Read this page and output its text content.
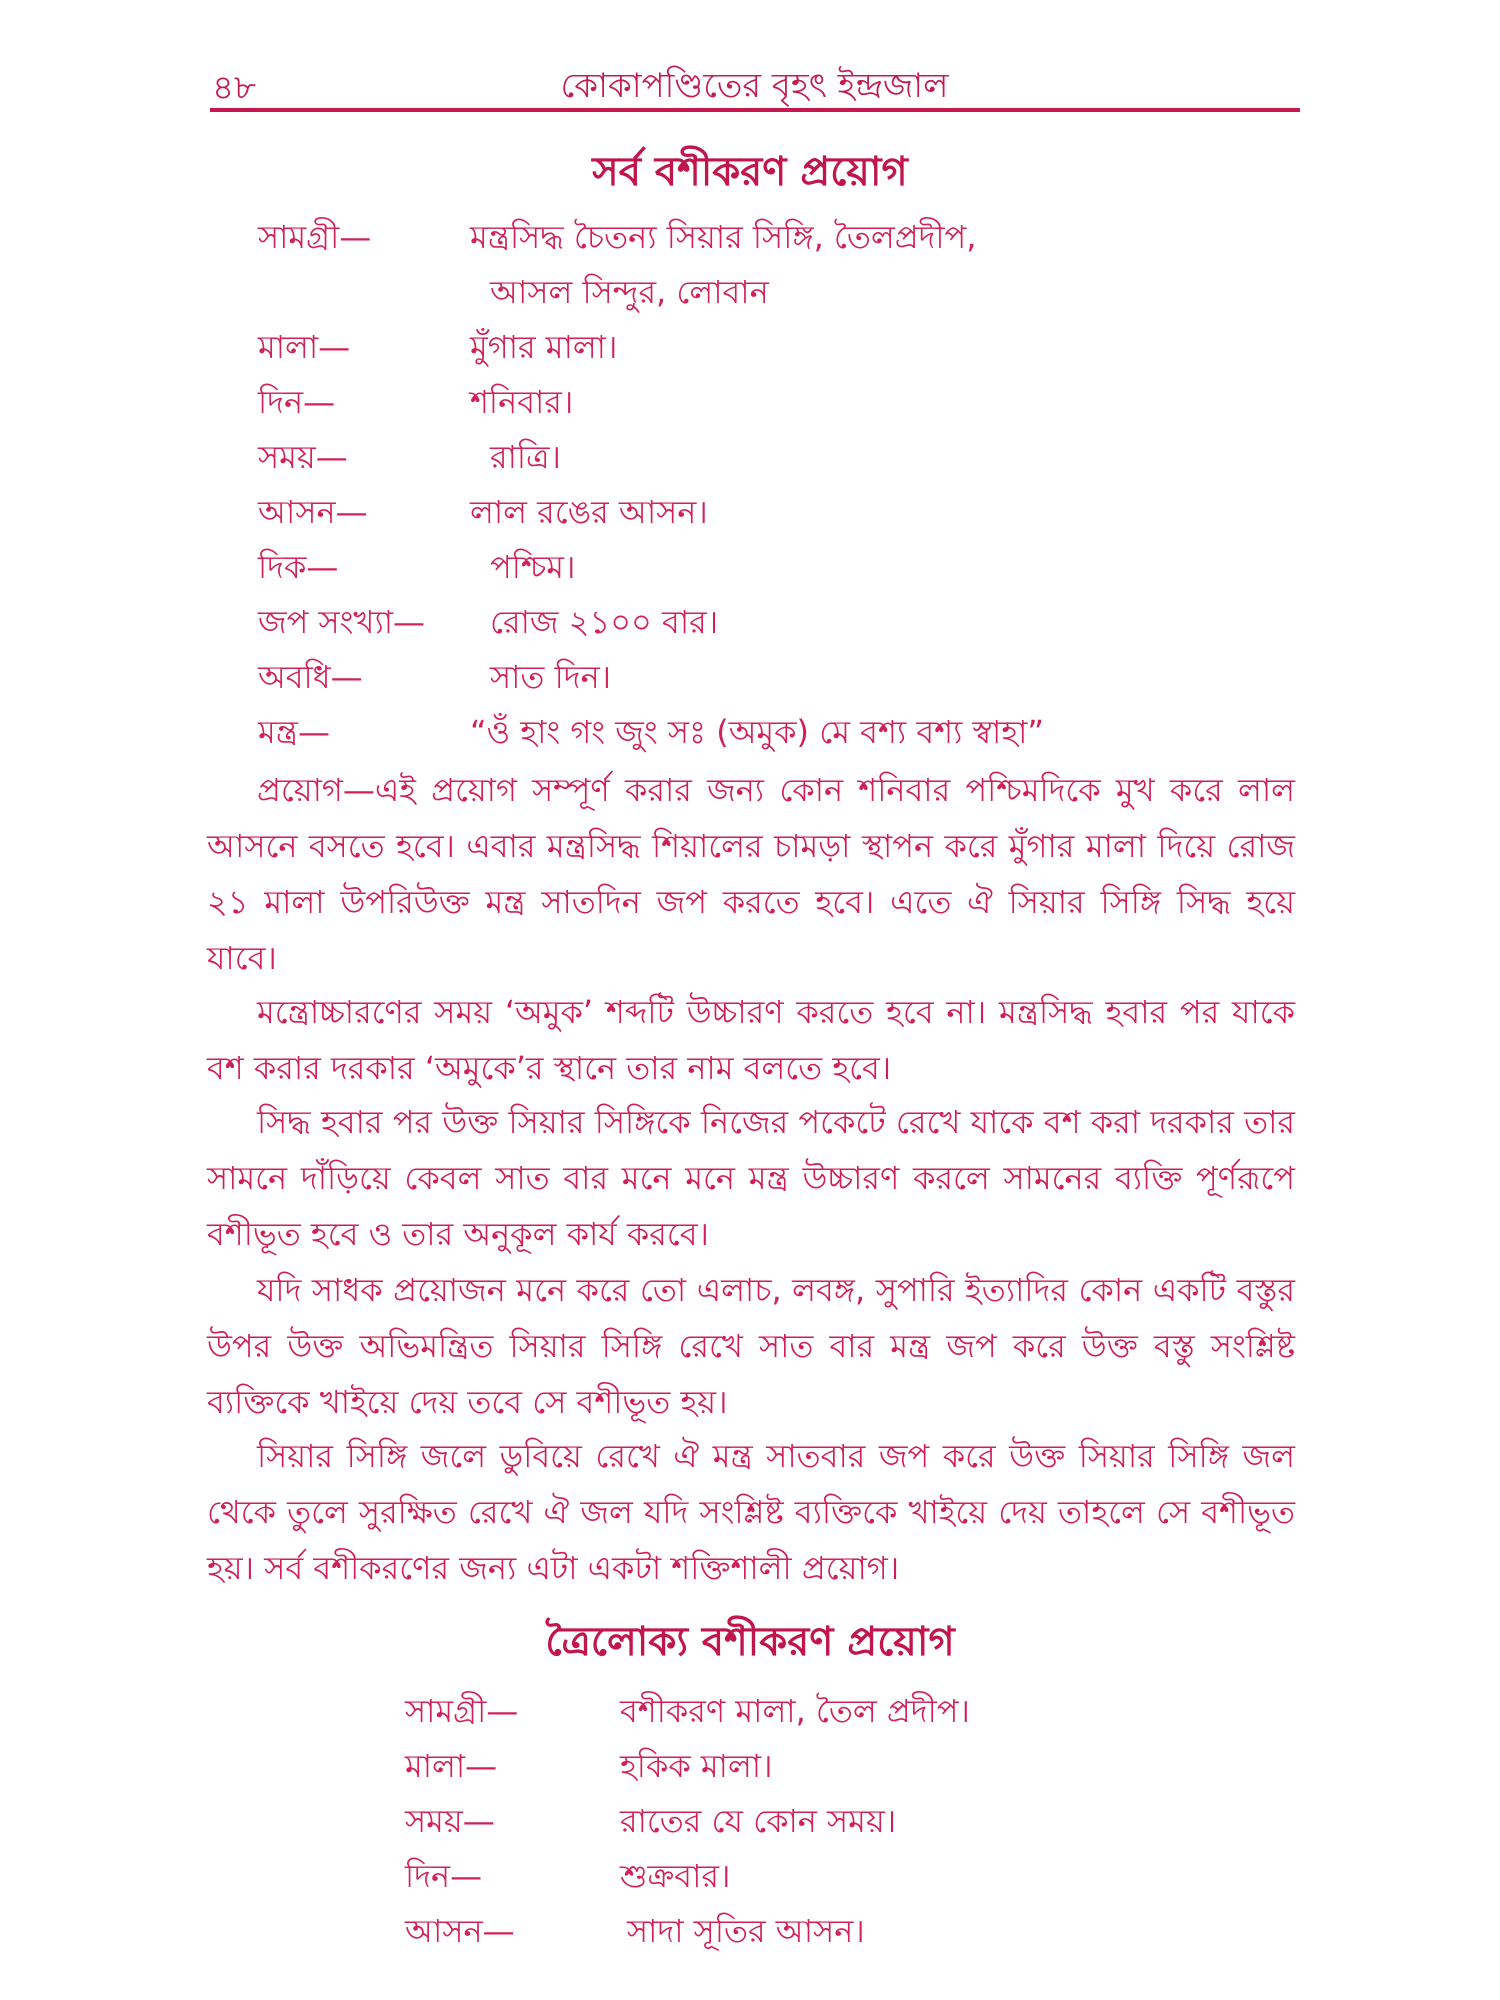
৪৮	কোকাপণ্ডিতের বৃহৎ ইন্দ্রজাল
সর্ব বশীকরণ প্রয়োগ
সামগ্রী—	মন্ত্রসিদ্ধ চৈতন্য সিয়ার সিঙ্গি, তৈলপ্রদীপ,
আসল সিন্দুর, লোবান
মালা—	মুঁগার মালা।
দিন—	শনিবার।
সময়—	রাত্রি।
আসন—	লাল রঙের আসন।
দিক—	পশ্চিম।
জপ সংখ্যা— রোজ ২১০০ বার।
অবধি—	সাত দিন।
মন্ত্র—	“ওঁ হাং গং জুং সঃ (অমুক) মে বশ্য বশ্য স্বাহা”

প্রয়োগ—এই প্রয়োগ সম্পূর্ণ করার জন্য কোন শনিবার পশ্চিমদিকে মুখ করে লাল আসনে বসতে হবে। এবার মন্ত্রসিদ্ধ শিয়ালের চামড়া স্থাপন করে মুঁগার মালা দিয়ে রোজ ২১ মালা উপরিউক্ত মন্ত্র সাতদিন জপ করতে হবে। এতে ঐ সিয়ার সিঙ্গি সিদ্ধ হয়ে যাবে।

মন্ত্রোচ্চারণের সময় ‘অমুক’ শব্দটি উচ্চারণ করতে হবে না। মন্ত্রসিদ্ধ হবার পর যাকে বশ করার দরকার ‘অমুকে’র স্থানে তার নাম বলতে হবে।

সিদ্ধ হবার পর উক্ত সিয়ার সিঙ্গিকে নিজের পকেটে রেখে যাকে বশ করা দরকার তার সামনে দাঁড়িয়ে কেবল সাত বার মনে মনে মন্ত্র উচ্চারণ করলে সামনের ব্যক্তি পূর্ণরূপে বশীভূত হবে ও তার অনুকূল কার্য করবে।

যদি সাধক প্রয়োজন মনে করে তো এলাচ, লবঙ্গ, সুপারি ইত্যাদির কোন একটি বস্তুর উপর উক্ত অভিমন্ত্রিত সিয়ার সিঙ্গি রেখে সাত বার মন্ত্র জপ করে উক্ত বস্তু সংশ্লিষ্ট ব্যক্তিকে খাইয়ে দেয় তবে সে বশীভূত হয়।

সিয়ার সিঙ্গি জলে ডুবিয়ে রেখে ঐ মন্ত্র সাতবার জপ করে উক্ত সিয়ার সিঙ্গি জল থেকে তুলে সুরক্ষিত রেখে ঐ জল যদি সংশ্লিষ্ট ব্যক্তিকে খাইয়ে দেয় তাহলে সে বশীভূত হয়। সর্ব বশীকরণের জন্য এটা একটা শক্তিশালী প্রয়োগ।

ত্রৈলোক্য বশীকরণ প্রয়োগ
সামগ্রী—	বশীকরণ মালা, তৈল প্রদীপ।
মালা—	হকিক মালা।
সময়—	রাতের যে কোন সময়।
দিন—	শুক্রবার।
আসন—	সাদা সূতির আসন।
